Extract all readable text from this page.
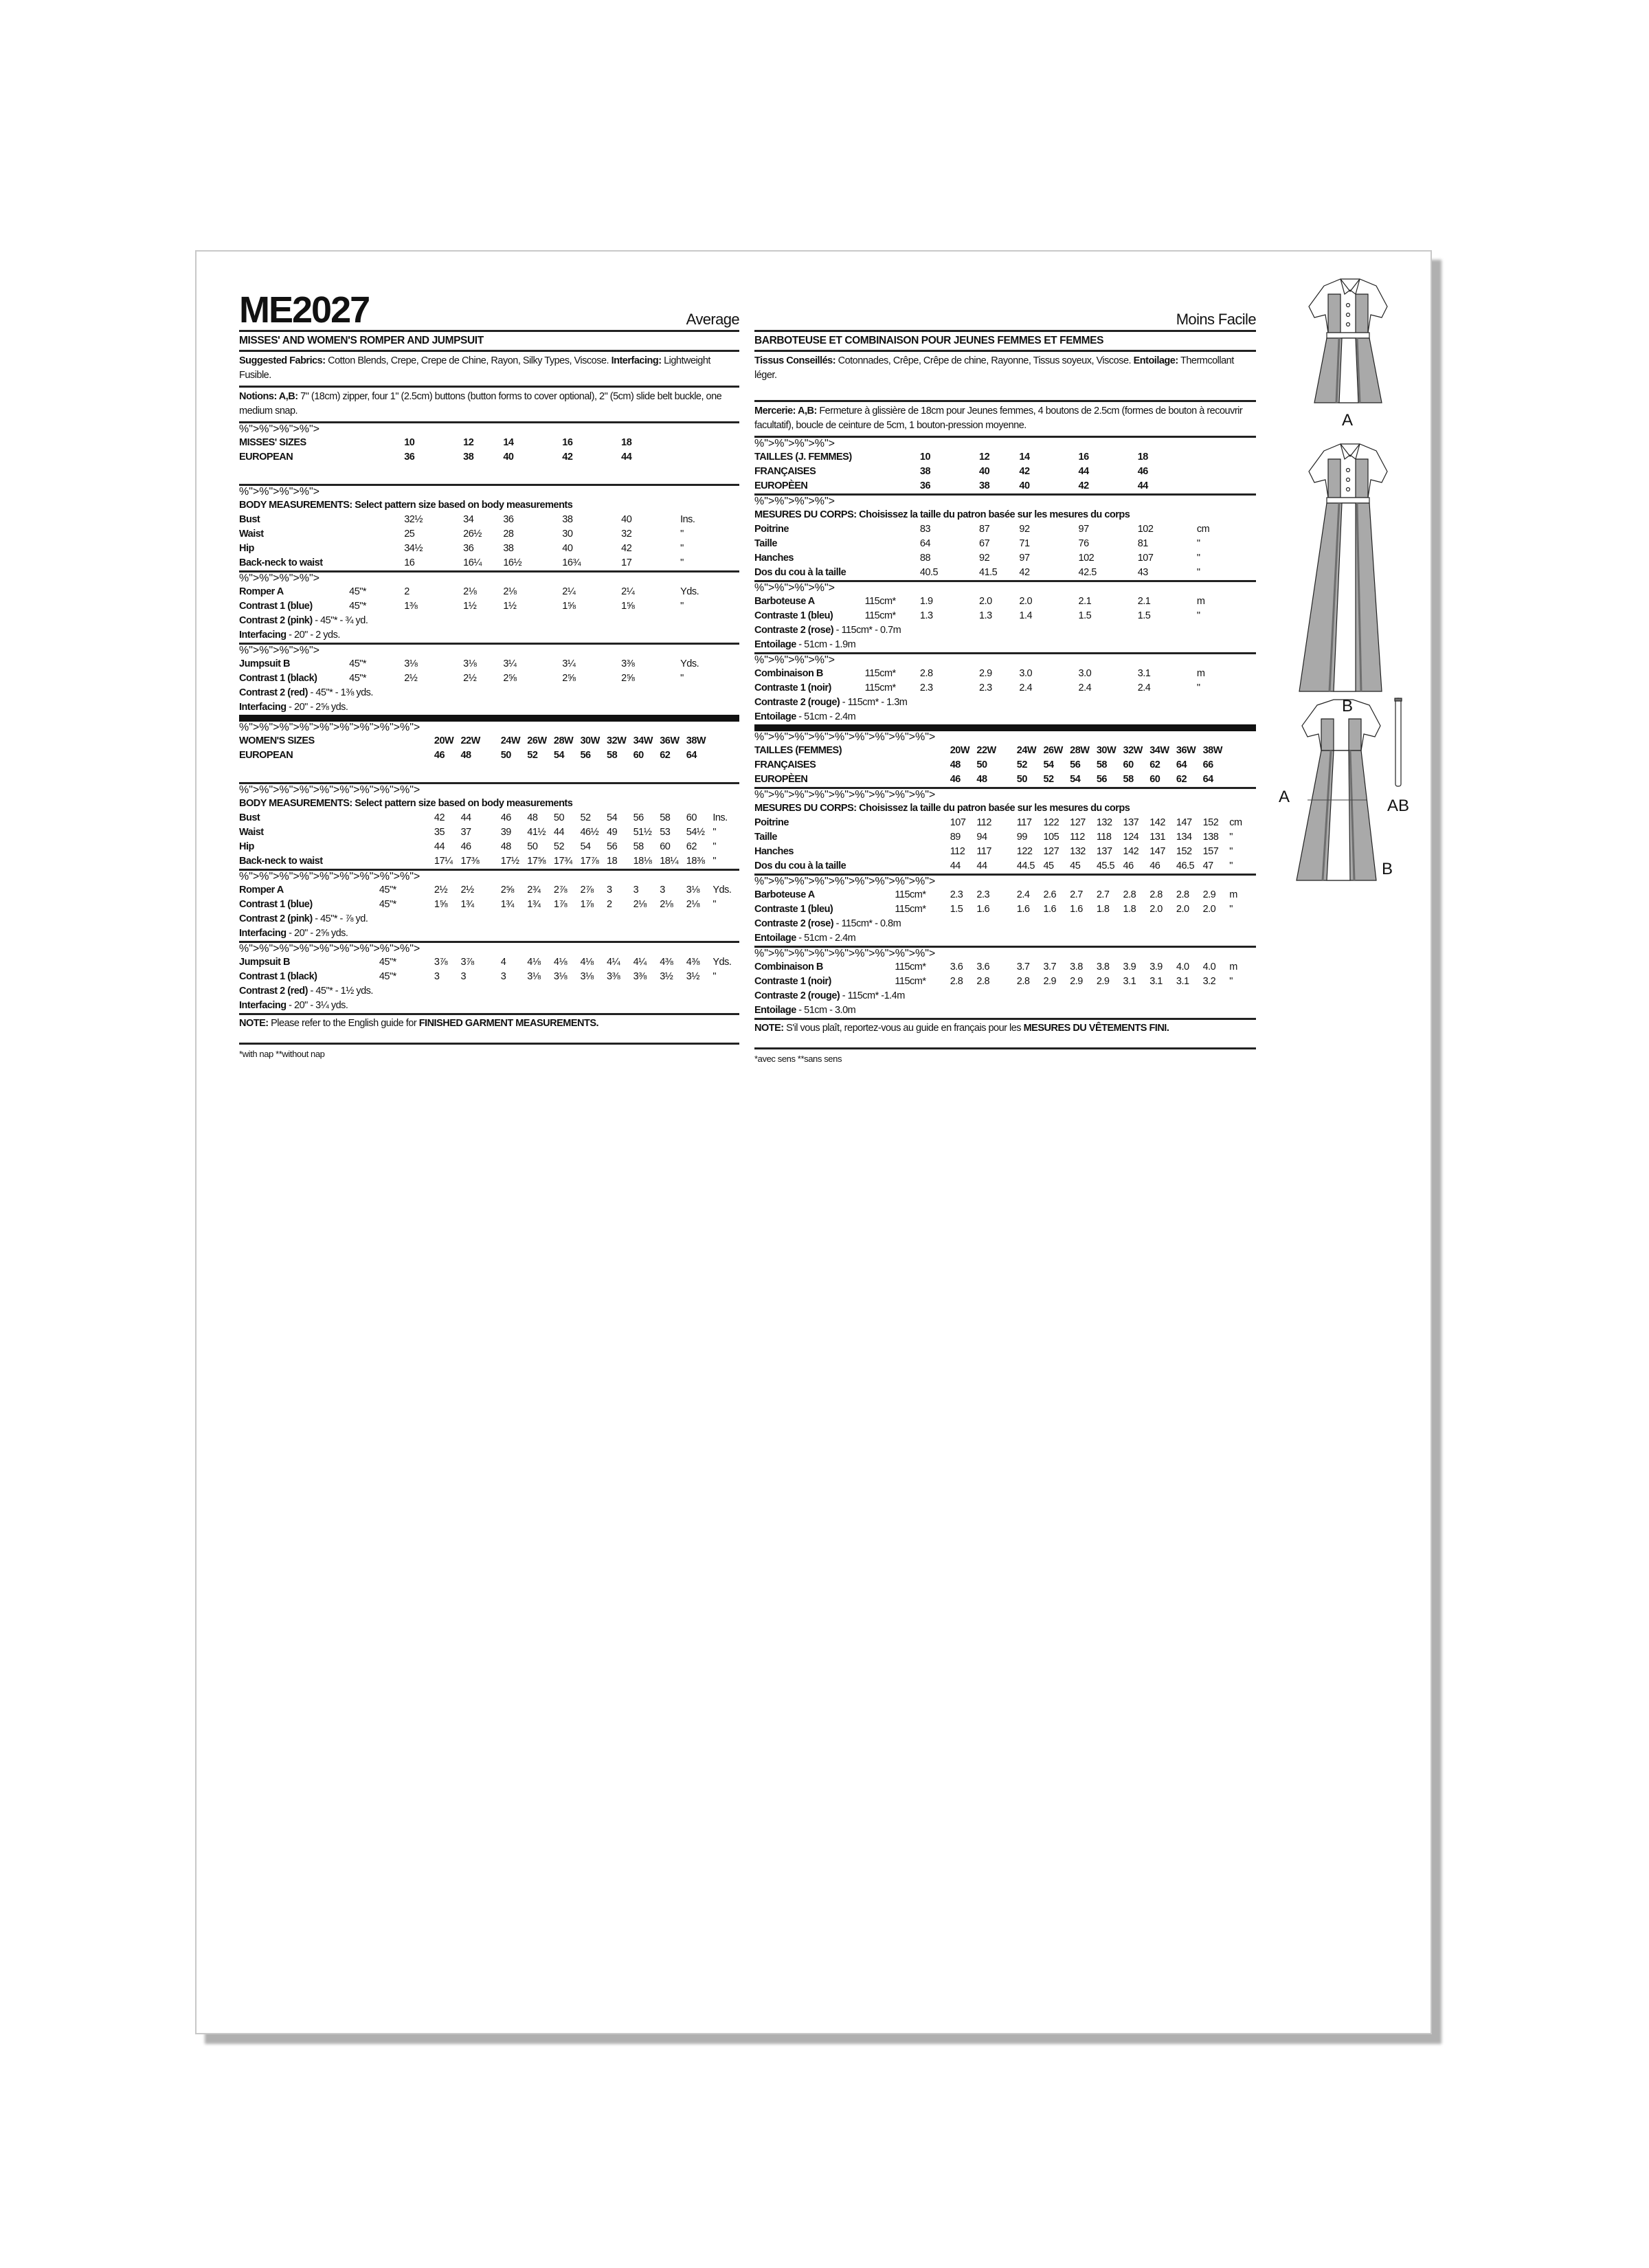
ME2027	Average
MISSES' AND WOMEN'S ROMPER AND JUMPSUIT
Suggested Fabrics: Cotton Blends, Crepe, Crepe de Chine, Rayon, Silky Types, Viscose. Interfacing: Lightweight Fusible.
Notions: A,B: 7" (18cm) zipper, four 1" (2.5cm) buttons (button forms to cover optional), 2" (5cm) slide belt buckle, one medium snap.
%">%">%">%">
MISSES' SIZES		10	12	14	16	18	
EUROPEAN		36	38	40	42	44	
%">%">%">%">
BODY MEASUREMENTS: Select pattern size based on body measurements							
Bust		32½	34	36	38	40	Ins.
Waist		25	26½	28	30	32	"
Hip		34½	36	38	40	42	"
Back-neck to waist		16	16¼	16½	16¾	17	"
%">%">%">%">
Romper A	45"*	2	2⅛	2⅛	2¼	2¼	Yds.
Contrast 1 (blue)	45"*	1⅜	1½	1½	1⅝	1⅝	"
Contrast 2 (pink) - 45"* - ¾ yd.							
Interfacing - 20" - 2 yds.							
%">%">%">%">
Jumpsuit B	45"*	3⅛	3⅛	3¼	3¼	3⅜	Yds.
Contrast 1 (black)	45"*	2½	2½	2⅝	2⅝	2⅝	"
Contrast 2 (red) - 45"* - 1⅜ yds.							
Interfacing - 20" - 2⅝ yds.							
%">%">%">%">%">%">%">%">%">
WOMEN'S SIZES		20W	22W	24W	26W	28W	30W	32W	34W	36W	38W	
EUROPEAN		46	48	50	52	54	56	58	60	62	64	
%">%">%">%">%">%">%">%">%">
BODY MEASUREMENTS: Select pattern size based on body measurements												
Bust		42	44	46	48	50	52	54	56	58	60	Ins.
Waist		35	37	39	41½	44	46½	49	51½	53	54½	"
Hip		44	46	48	50	52	54	56	58	60	62	"
Back-neck to waist		17¼	17⅜	17½	17⅝	17¾	17⅞	18	18⅛	18¼	18⅜	"
%">%">%">%">%">%">%">%">%">
Romper A	45"*	2½	2½	2⅝	2¾	2⅞	2⅞	3	3	3	3⅛	Yds.
Contrast 1 (blue)	45"*	1⅝	1¾	1¾	1¾	1⅞	1⅞	2	2⅛	2⅛	2⅛	"
Contrast 2 (pink) - 45"* - ⅞ yd.												
Interfacing - 20" - 2⅝ yds.												
%">%">%">%">%">%">%">%">%">
Jumpsuit B	45"*	3⅞	3⅞	4	4⅛	4⅛	4⅛	4¼	4¼	4⅜	4⅜	Yds.
Contrast 1 (black)	45"*	3	3	3	3⅛	3⅛	3⅛	3⅜	3⅜	3½	3½	"
Contrast 2 (red) - 45"* - 1½ yds.												
Interfacing - 20" - 3¼ yds.												
NOTE: Please refer to the English guide for FINISHED GARMENT MEASUREMENTS.
*with nap **without nap
Moins Facile
BARBOTEUSE ET COMBINAISON POUR JEUNES FEMMES ET FEMMES
Tissus Conseillés: Cotonnades, Crêpe, Crêpe de chine, Rayonne, Tissus soyeux, Viscose. Entoilage: Thermcollant léger.
Mercerie: A,B: Fermeture à glissière de 18cm pour Jeunes femmes, 4 boutons de 2.5cm (formes de bouton à recouvrir facultatif), boucle de ceinture de 5cm, 1 bouton-pression moyenne.
%">%">%">%">
TAILLES (J. FEMMES)		10	12	14	16	18	
FRANÇAISES		38	40	42	44	46	
EUROPÈEN		36	38	40	42	44	
%">%">%">%">
MESURES DU CORPS: Choisissez la taille du patron basée sur les mesures du corps							
Poitrine		83	87	92	97	102	cm
Taille		64	67	71	76	81	"
Hanches		88	92	97	102	107	"
Dos du cou à la taille		40.5	41.5	42	42.5	43	"
%">%">%">%">
Barboteuse A	115cm*	1.9	2.0	2.0	2.1	2.1	m
Contraste 1 (bleu)	115cm*	1.3	1.3	1.4	1.5	1.5	"
Contraste 2 (rose) - 115cm* - 0.7m							
Entoilage - 51cm - 1.9m							
%">%">%">%">
Combinaison B	115cm*	2.8	2.9	3.0	3.0	3.1	m
Contraste 1 (noir)	115cm*	2.3	2.3	2.4	2.4	2.4	"
Contraste 2 (rouge) - 115cm* - 1.3m							
Entoilage - 51cm - 2.4m							
%">%">%">%">%">%">%">%">%">
TAILLES (FEMMES)		20W	22W	24W	26W	28W	30W	32W	34W	36W	38W	
FRANÇAISES		48	50	52	54	56	58	60	62	64	66	
EUROPÈEN		46	48	50	52	54	56	58	60	62	64	
%">%">%">%">%">%">%">%">%">
MESURES DU CORPS: Choisissez la taille du patron basée sur les mesures du corps												
Poitrine		107	112	117	122	127	132	137	142	147	152	cm
Taille		89	94	99	105	112	118	124	131	134	138	"
Hanches		112	117	122	127	132	137	142	147	152	157	"
Dos du cou à la taille		44	44	44.5	45	45	45.5	46	46	46.5	47	"
%">%">%">%">%">%">%">%">%">
Barboteuse A	115cm*	2.3	2.3	2.4	2.6	2.7	2.7	2.8	2.8	2.8	2.9	m
Contraste 1 (bleu)	115cm*	1.5	1.6	1.6	1.6	1.6	1.8	1.8	2.0	2.0	2.0	"
Contraste 2 (rose) - 115cm* - 0.8m												
Entoilage - 51cm - 2.4m												
%">%">%">%">%">%">%">%">%">
Combinaison B	115cm*	3.6	3.6	3.7	3.7	3.8	3.8	3.9	3.9	4.0	4.0	m
Contraste 1 (noir)	115cm*	2.8	2.8	2.8	2.9	2.9	2.9	3.1	3.1	3.1	3.2	"
Contraste 2 (rouge) - 115cm* -1.4m												
Entoilage - 51cm - 3.0m												
NOTE: S'il vous plaît, reportez-vous au guide en français pour les MESURES DU VÊTEMENTS FINI.
*avec sens **sans sens
A
B
A	AB
B
